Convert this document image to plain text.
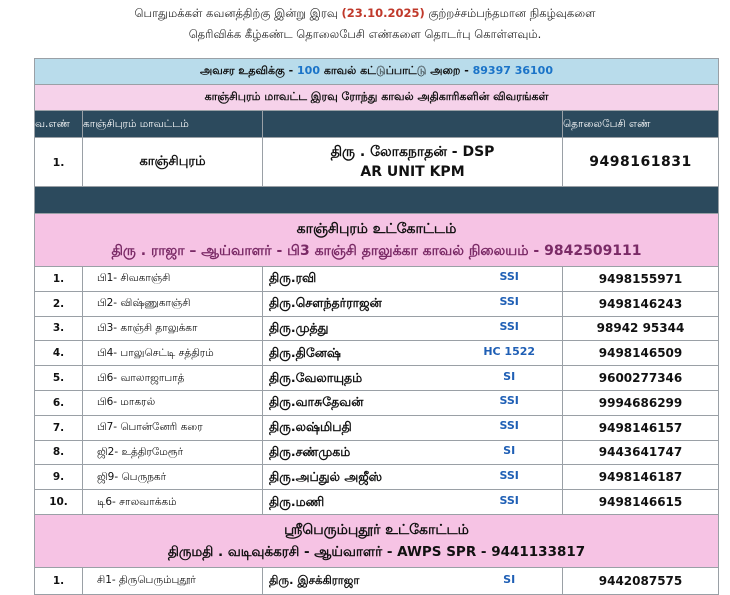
பொதுமக்கள் கவனத்திற்கு இன்று இரவு (23.10.2025) குற்றச்சம்பந்தமான நிகழ்வுகளை
தெரிவிக்க கீழ்கண்ட தொலைபேசி எண்களை தொடர்பு கொள்ளவும்.
அவசர உதவிக்கு - 100 காவல் கட்டுப்பாட்டு அறை - 89397 36100			
காஞ்சிபுரம் மாவட்ட இரவு ரோந்து காவல் அதிகாரிகளின் விவரங்கள்			
வ.எண்	காஞ்சிபுரம் மாவட்டம்		தொலைபேசி எண்
1.	காஞ்சிபுரம்	திரு . லோகநாதன் - DSP
AR UNIT KPM	9498161831

காஞ்சிபுரம் உட்கோட்டம்
திரு . ராஜா – ஆய்வாளர் - பி3 காஞ்சி தாலுக்கா காவல் நிலையம் - 9842509111			

1.	பி1- சிவகாஞ்சி	திரு.ரவி SSI	9498155971
2.	பி2- விஷ்ணுகாஞ்சி	திரு.சௌந்தர்ராஜன் SSI	9498146243
3.	பி3- காஞ்சி தாலுக்கா	திரு.முத்து SSI	98942 95344
4.	பி4- பாலுசெட்டி சத்திரம்	திரு.தினேஷ் HC 1522	9498146509
5.	பி6- வாலாஜாபாத்	திரு.வேலாயுதம் SI	9600277346
6.	பி6- மாகரல்	திரு.வாசுதேவன் SSI	9994686299
7.	பி7- பொன்னேரி கரை	திரு.லஷ்மிபதி SSI	9498146157
8.	ஜி2- உத்திரமேரூர்	திரு.சண்முகம் SI	9443641747
9.	ஜி9- பெருநகர்	திரு.அப்துல் அஜீஸ் SSI	9498146187
10.	டி6- சாலவாக்கம்	திரு.மணி SSI	9498146615

ஸ்ரீபெரும்புதூர் உட்கோட்டம்
திருமதி . வடிவுக்கரசி - ஆய்வாளர் - AWPS SPR - 9441133817			

1.	சி1- திருபெரும்புதூர்	திரு. இசக்கிராஜா SI	9442087575
